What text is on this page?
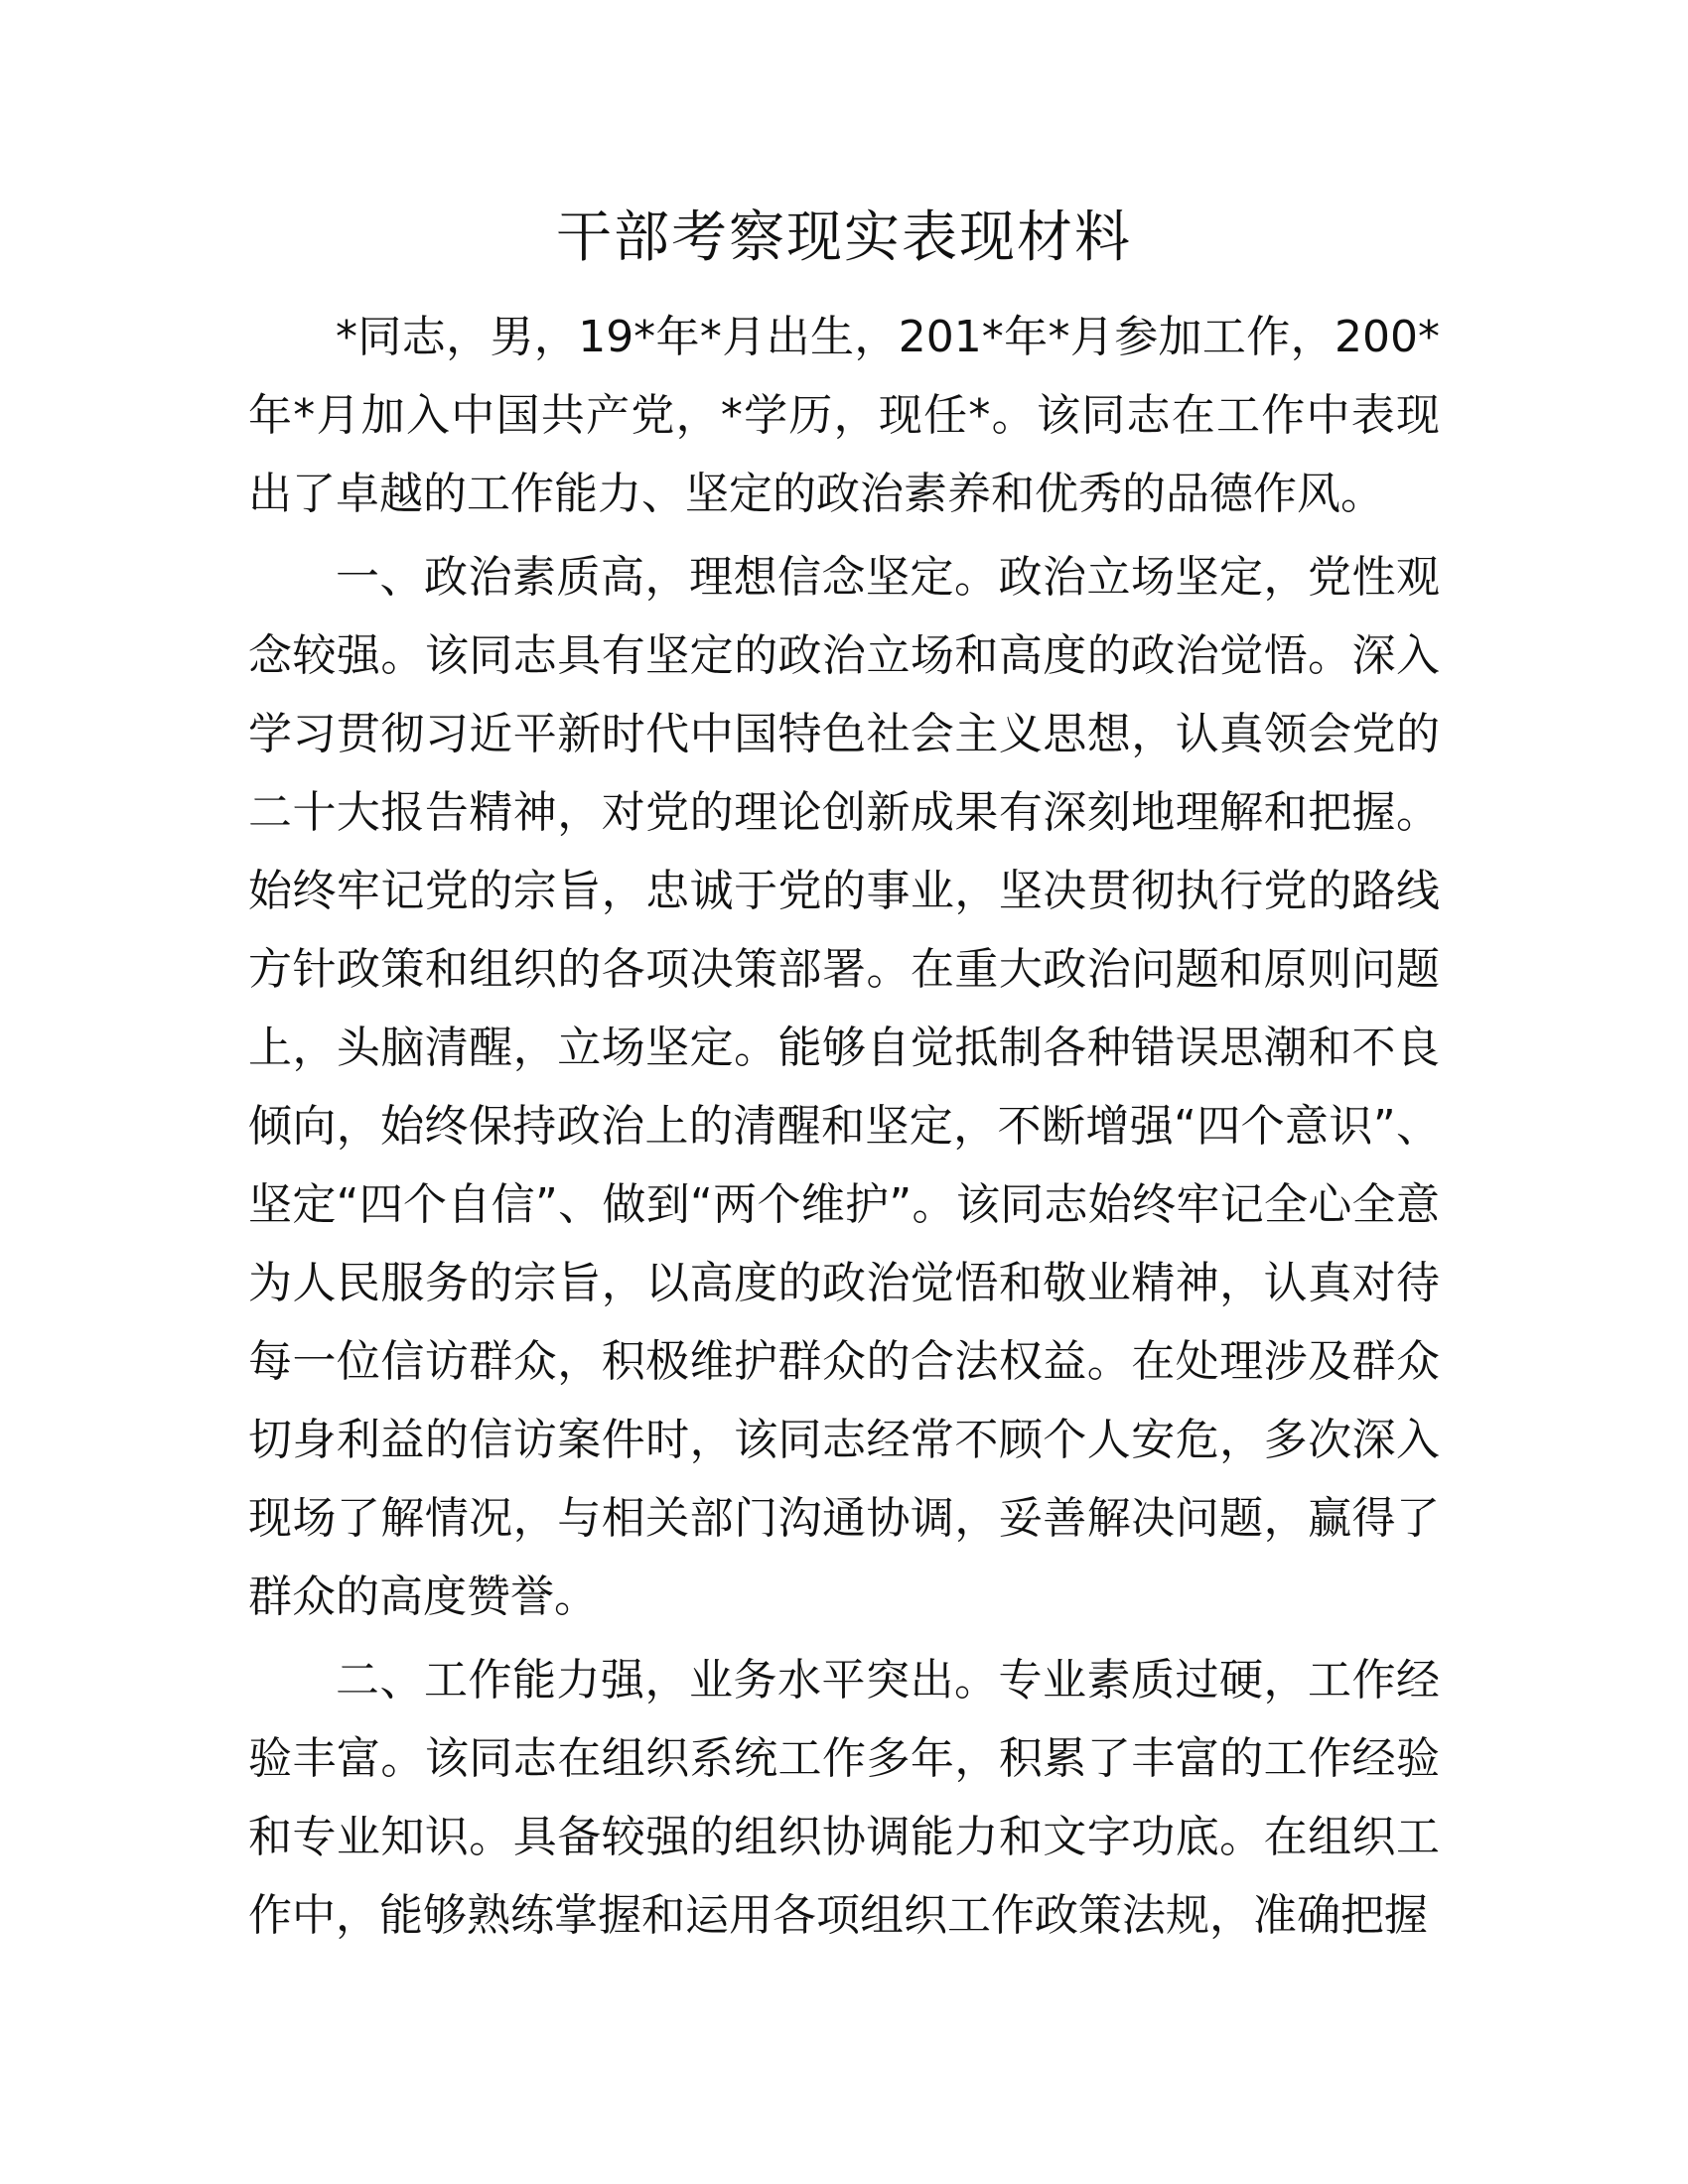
干部考察现实表现材料

*同志，男，19*年*月出生，201*年*月参加工作，200*年*月加入中国共产党，*学历，现任*。该同志在工作中表现出了卓越的工作能力、坚定的政治素养和优秀的品德作风。

一、政治素质高，理想信念坚定。政治立场坚定，党性观念较强。该同志具有坚定的政治立场和高度的政治觉悟。深入学习贯彻习近平新时代中国特色社会主义思想，认真领会党的二十大报告精神，对党的理论创新成果有深刻地理解和把握。始终牢记党的宗旨，忠诚于党的事业，坚决贯彻执行党的路线方针政策和组织的各项决策部署。在重大政治问题和原则问题上，头脑清醒，立场坚定。能够自觉抵制各种错误思潮和不良倾向，始终保持政治上的清醒和坚定，不断增强“四个意识”、坚定“四个自信”、做到“两个维护”。该同志始终牢记全心全意为人民服务的宗旨，以高度的政治觉悟和敬业精神，认真对待每一位信访群众，积极维护群众的合法权益。在处理涉及群众切身利益的信访案件时，该同志经常不顾个人安危，多次深入现场了解情况，与相关部门沟通协调，妥善解决问题，赢得了群众的高度赞誉。

二、工作能力强，业务水平突出。专业素质过硬，工作经验丰富。该同志在组织系统工作多年，积累了丰富的工作经验和专业知识。具备较强的组织协调能力和文字功底。在组织工作中，能够熟练掌握和运用各项组织工作政策法规，准确把握
